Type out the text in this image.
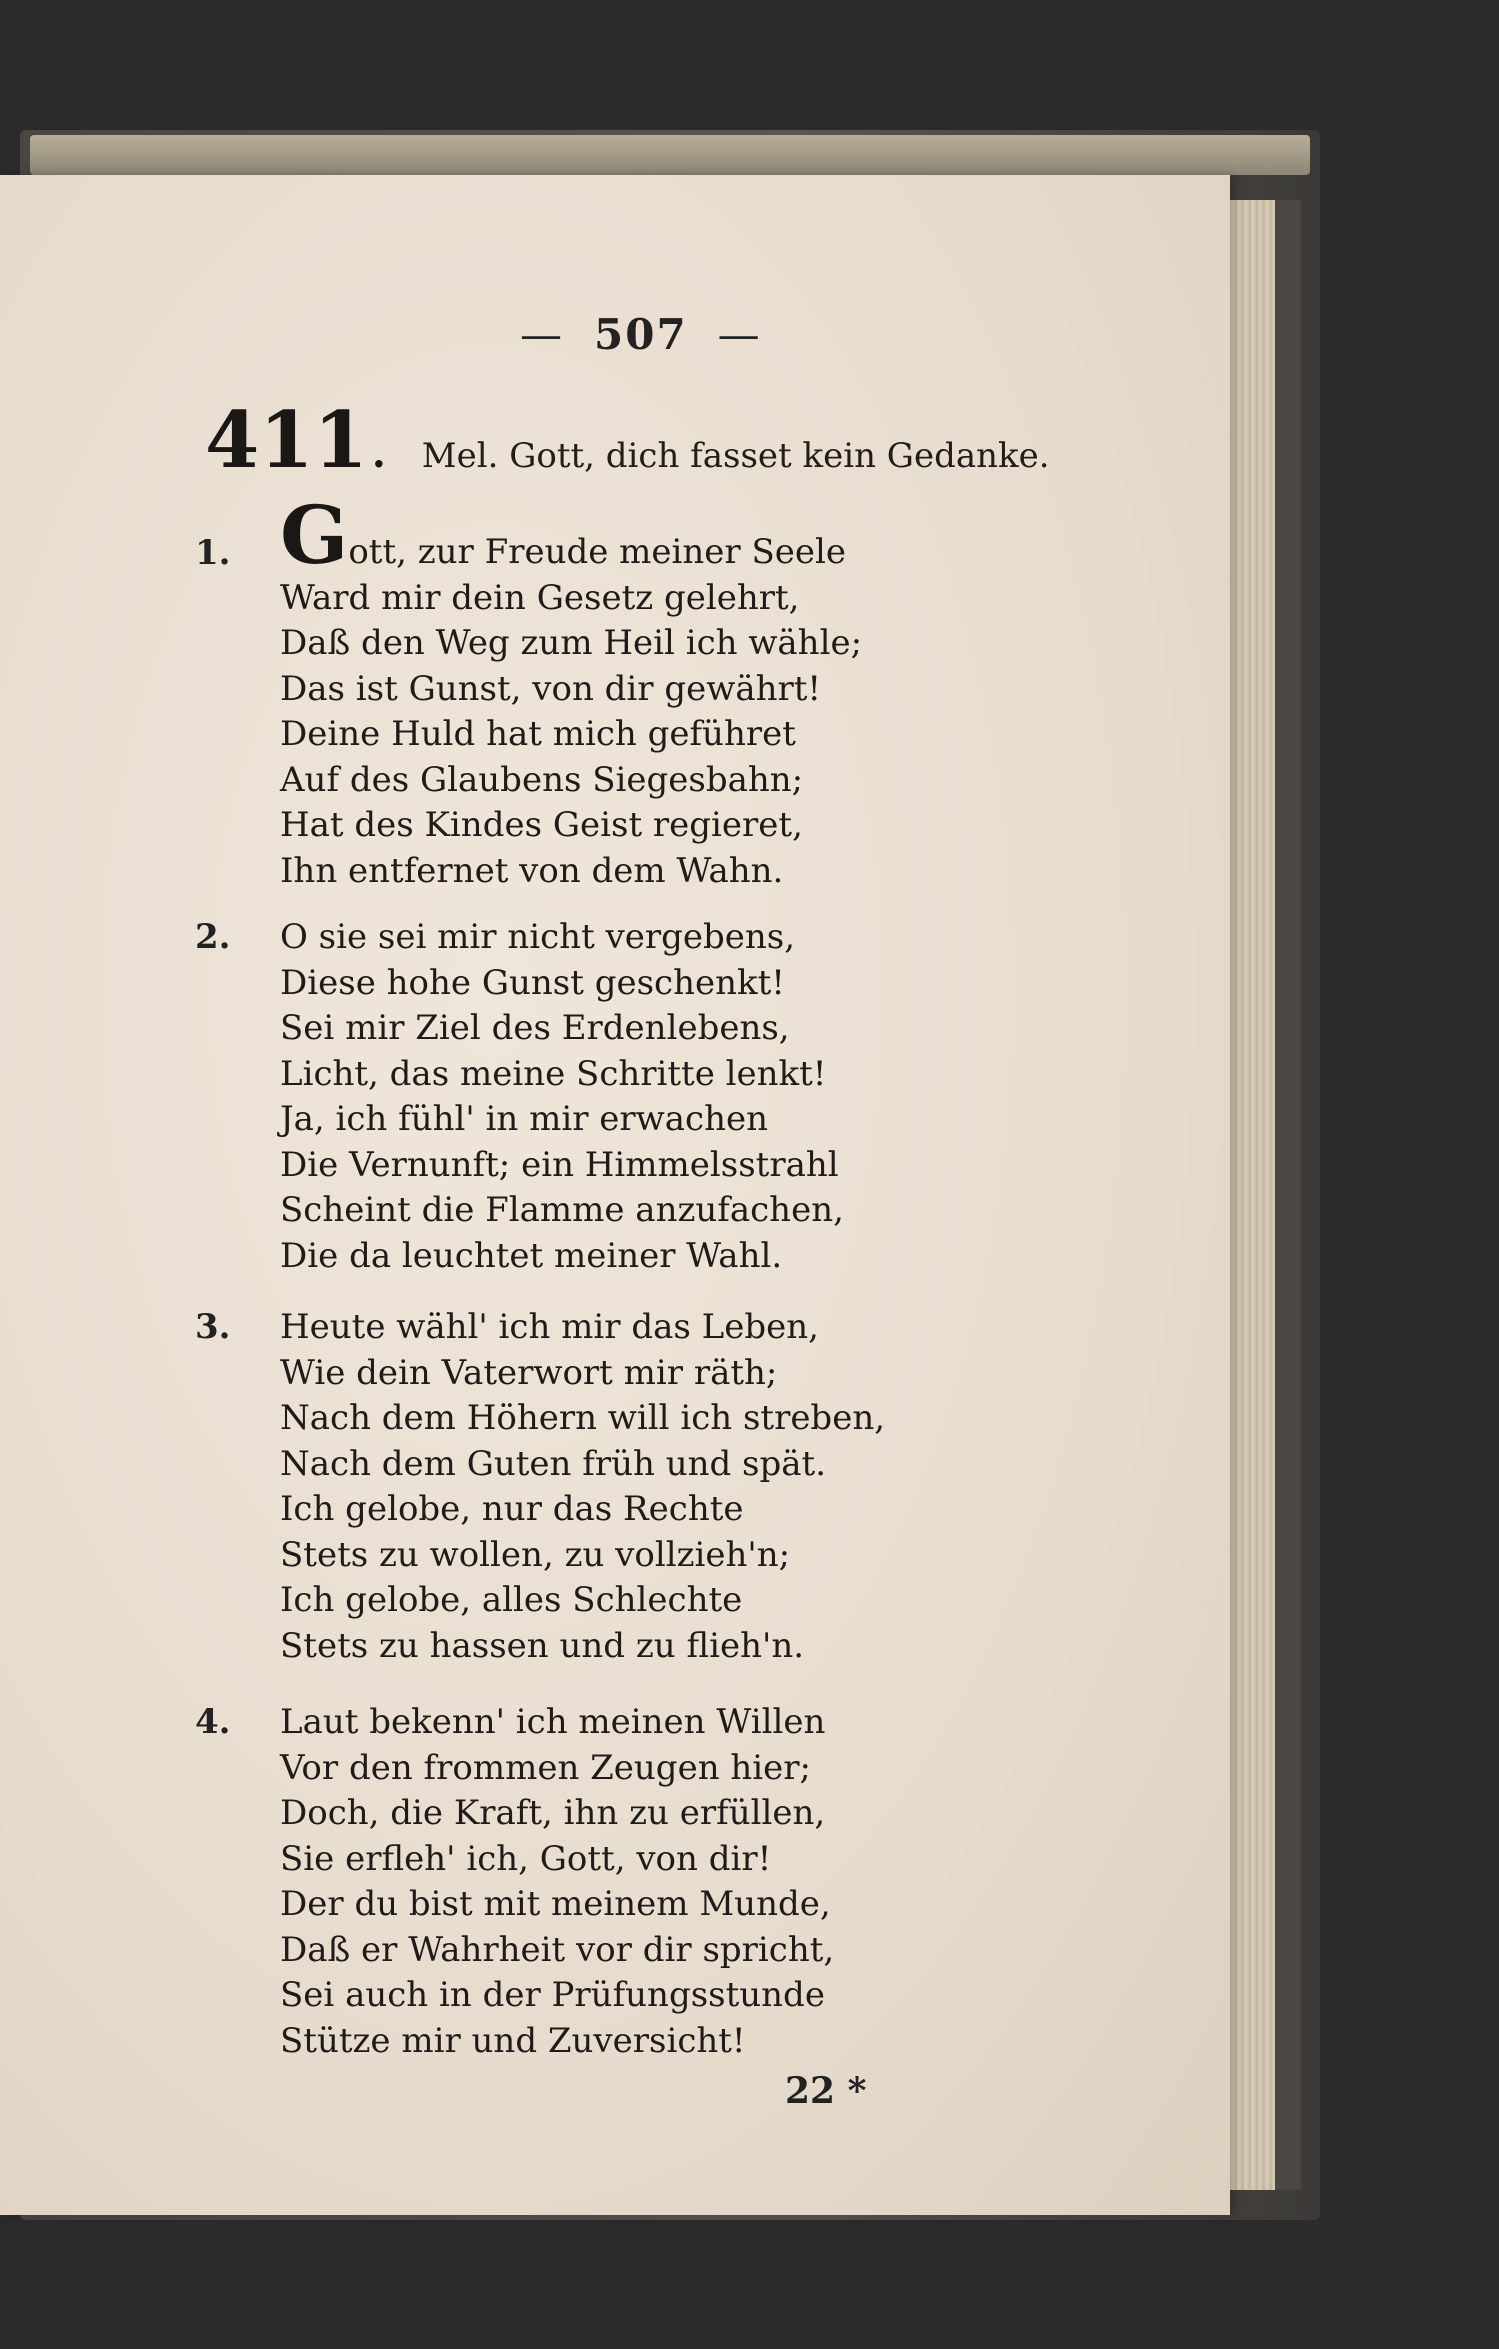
— 507 —
411 . Mel. Gott, dich fasset kein Gedanke.
1. Gott, zur Freude meiner Seele
Ward mir dein Gesetz gelehrt,
Daß den Weg zum Heil ich wähle;
Das ist Gunst, von dir gewährt!
Deine Huld hat mich geführet
Auf des Glaubens Siegesbahn;
Hat des Kindes Geist regieret,
Ihn entfernet von dem Wahn.
2. O sie sei mir nicht vergebens,
Diese hohe Gunst geschenkt!
Sei mir Ziel des Erdenlebens,
Licht, das meine Schritte lenkt!
Ja, ich fühl' in mir erwachen
Die Vernunft; ein Himmelsstrahl
Scheint die Flamme anzufachen,
Die da leuchtet meiner Wahl.
3. Heute wähl' ich mir das Leben,
Wie dein Vaterwort mir räth;
Nach dem Höhern will ich streben,
Nach dem Guten früh und spät.
Ich gelobe, nur das Rechte
Stets zu wollen, zu vollzieh'n;
Ich gelobe, alles Schlechte
Stets zu hassen und zu flieh'n.
4. Laut bekenn' ich meinen Willen
Vor den frommen Zeugen hier;
Doch, die Kraft, ihn zu erfüllen,
Sie erfleh' ich, Gott, von dir!
Der du bist mit meinem Munde,
Daß er Wahrheit vor dir spricht,
Sei auch in der Prüfungsstunde
Stütze mir und Zuversicht!
22 *
